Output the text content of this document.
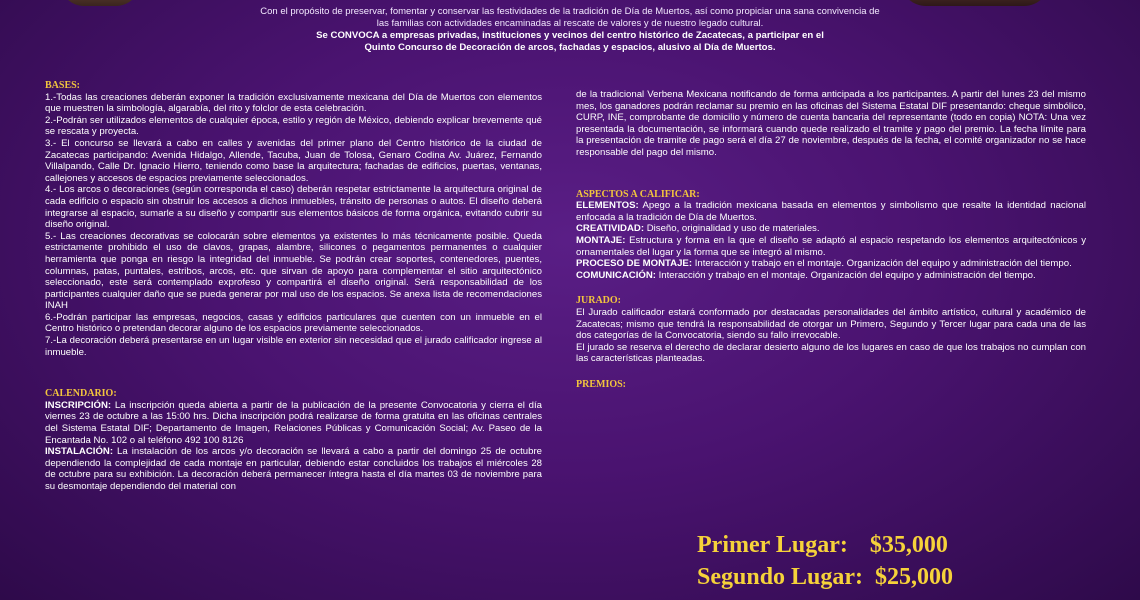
Con el propósito de preservar, fomentar y conservar las festividades de la tradición de Día de Muertos, así como propiciar una sana convivencia de
las familias con actividades encaminadas al rescate de valores y de nuestro legado cultural.
Se CONVOCA a empresas privadas, instituciones y vecinos del centro histórico de Zacatecas, a participar en el
Quinto Concurso de Decoración de arcos, fachadas y espacios, alusivo al Día de Muertos.
BASES:
1.-Todas las creaciones deberán exponer la tradición exclusivamente mexicana del Día de Muertos con elementos que muestren la simbología, algarabía, del rito y folclor de esta celebración.
2.-Podrán ser utilizados elementos de cualquier época, estilo y región de México, debiendo explicar brevemente qué se rescata y proyecta.
3.- El concurso se llevará a cabo en calles y avenidas del primer plano del Centro histórico de la ciudad de Zacatecas participando: Avenida Hidalgo, Allende, Tacuba, Juan de Tolosa, Genaro Codina Av. Juárez, Fernando Villalpando, Calle Dr. Ignacio Hierro, teniendo como base la arquitectura; fachadas de edificios, puertas, ventanas, callejones y accesos de espacios previamente seleccionados.
4.- Los arcos o decoraciones (según corresponda el caso) deberán respetar estrictamente la arquitectura original de cada edificio o espacio sin obstruir los accesos a dichos inmuebles, tránsito de personas o autos. El diseño deberá integrarse al espacio, sumarle a su diseño y compartir sus elementos básicos de forma orgánica, evitando cubrir su diseño original.
5.- Las creaciones decorativas se colocarán sobre elementos ya existentes lo más técnicamente posible. Queda estrictamente prohibido el uso de clavos, grapas, alambre, silicones o pegamentos permanentes o cualquier herramienta que ponga en riesgo la integridad del inmueble. Se podrán crear soportes, contenedores, puentes, columnas, patas, puntales, estribos, arcos, etc. que sirvan de apoyo para complementar el sitio arquitectónico seleccionado, este será contemplado exprofeso y compartirá el diseño original. Será responsabilidad de los participantes cualquier daño que se pueda generar por mal uso de los espacios. Se anexa lista de recomendaciones INAH
6.-Podrán participar las empresas, negocios, casas y edificios particulares que cuenten con un inmueble en el Centro histórico o pretendan decorar alguno de los espacios previamente seleccionados.
7.-La decoración deberá presentarse en un lugar visible en exterior sin necesidad que el jurado calificador ingrese al inmueble.
CALENDARIO:
INSCRIPCIÓN: La inscripción queda abierta a partir de la publicación de la presente Convocatoria y cierra el día viernes 23 de octubre a las 15:00 hrs. Dicha inscripción podrá realizarse de forma gratuita en las oficinas centrales del Sistema Estatal DIF; Departamento de Imagen, Relaciones Públicas y Comunicación Social; Av. Paseo de la Encantada No. 102 o al teléfono 492 100 8126
INSTALACIÓN: La instalación de los arcos y/o decoración se llevará a cabo a partir del domingo 25 de octubre dependiendo la complejidad de cada montaje en particular, debiendo estar concluidos los trabajos el miércoles 28 de octubre para su exhibición. La decoración deberá permanecer íntegra hasta el día martes 03 de noviembre para su desmontaje dependiendo del material con
de la tradicional Verbena Mexicana notificando de forma anticipada a los participantes. A partir del lunes 23 del mismo mes, los ganadores podrán reclamar su premio en las oficinas del Sistema Estatal DIF presentando: cheque simbólico, CURP, INE, comprobante de domicilio y número de cuenta bancaria del representante (todo en copia) NOTA: Una vez presentada la documentación, se informará cuando quede realizado el tramite y pago del premio. La fecha límite para la presentación de tramite de pago será el día 27 de noviembre, después de la fecha, el comité organizador no se hace responsable del pago del mismo.
ASPECTOS A CALIFICAR:
ELEMENTOS: Apego a la tradición mexicana basada en elementos y simbolismo que resalte la identidad nacional enfocada a la tradición de Día de Muertos.
CREATIVIDAD: Diseño, originalidad y uso de materiales.
MONTAJE: Estructura y forma en la que el diseño se adaptó al espacio respetando los elementos arquitectónicos y ornamentales del lugar y la forma que se integró al mismo.
PROCESO DE MONTAJE: Interacción y trabajo en el montaje. Organización del equipo y administración del tiempo.
COMUNICACIÓN: Interacción y trabajo en el montaje. Organización del equipo y administración del tiempo.
JURADO:
El Jurado calificador estará conformado por destacadas personalidades del ámbito artístico, cultural y académico de Zacatecas; mismo que tendrá la responsabilidad de otorgar un Primero, Segundo y Tercer lugar para cada una de las dos categorías de la Convocatoria, siendo su fallo irrevocable.
El jurado se reserva el derecho de declarar desierto alguno de los lugares en caso de que los trabajos no cumplan con las características planteadas.
PREMIOS:
Primer Lugar: $35,000
Segundo Lugar: $25,000
